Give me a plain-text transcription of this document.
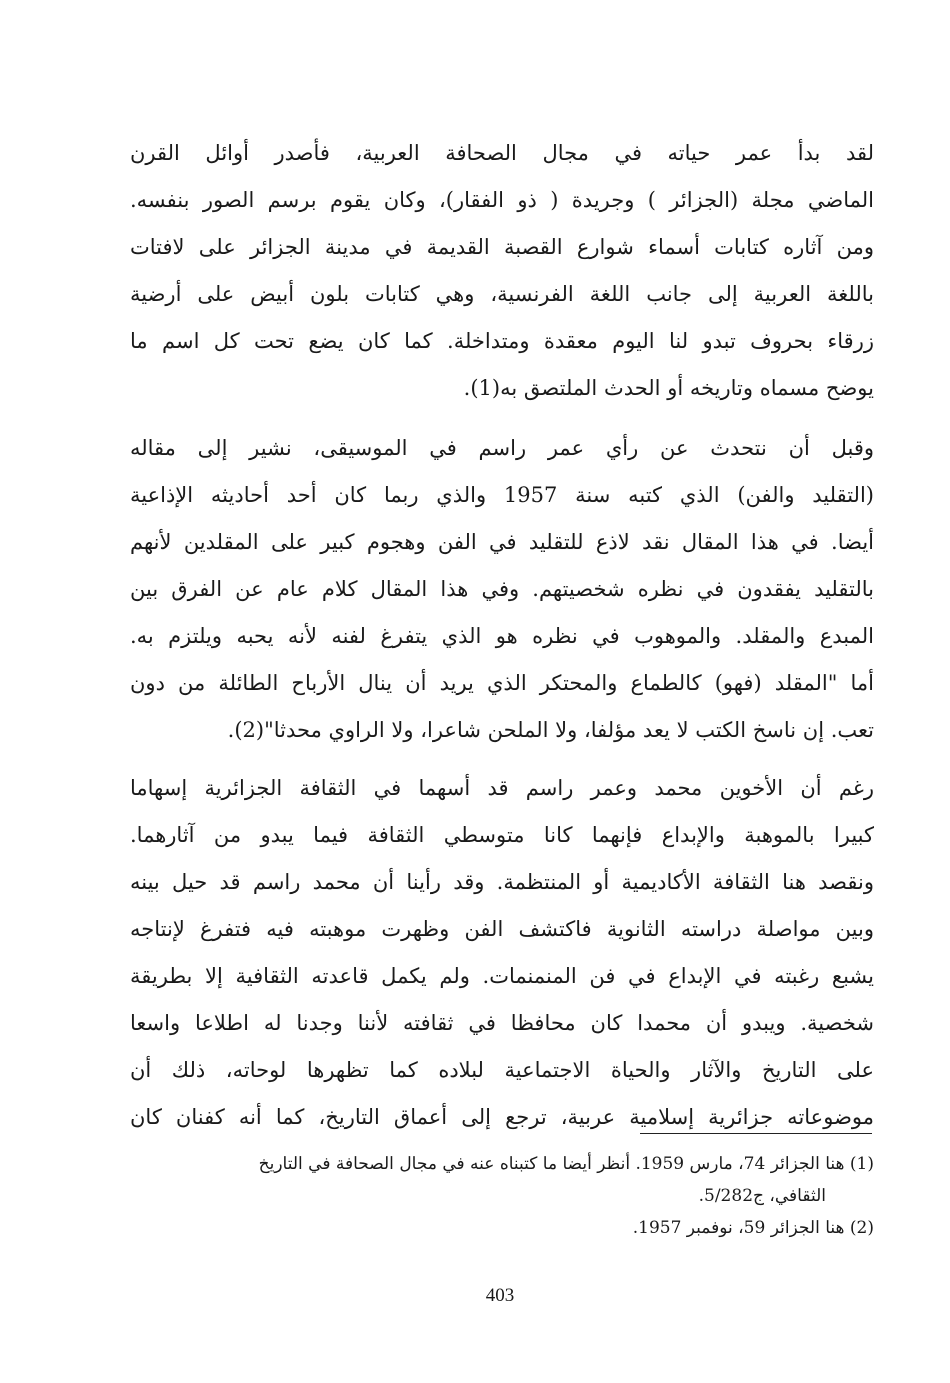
لقد بدأ عمر حياته في مجال الصحافة العربية، فأصدر أوائل القرن
الماضي مجلة (الجزائر ) وجريدة ( ذو الفقار)، وكان يقوم برسم الصور بنفسه.
ومن آثاره كتابات أسماء شوارع القصبة القديمة في مدينة الجزائر على لافتات
باللغة العربية إلى جانب اللغة الفرنسية، وهي كتابات بلون أبيض على أرضية
زرقاء بحروف تبدو لنا اليوم معقدة ومتداخلة. كما كان يضع تحت كل اسم ما
يوضح مسماه وتاريخه أو الحدث الملتصق به(1).
وقبل أن نتحدث عن رأي عمر راسم في الموسيقى، نشير إلى مقاله
(التقليد والفن) الذي كتبه سنة 1957 والذي ربما كان أحد أحاديثه الإذاعية
أيضا. في هذا المقال نقد لاذع للتقليد في الفن وهجوم كبير على المقلدين لأنهم
بالتقليد يفقدون في نظره شخصيتهم. وفي هذا المقال كلام عام عن الفرق بين
المبدع والمقلد. والموهوب في نظره هو الذي يتفرغ لفنه لأنه يحبه ويلتزم به.
أما "المقلد (فهو) كالطماع والمحتكر الذي يريد أن ينال الأرباح الطائلة من دون
تعب. إن ناسخ الكتب لا يعد مؤلفا، ولا الملحن شاعرا، ولا الراوي محدثا"(2).
رغم أن الأخوين محمد وعمر راسم قد أسهما في الثقافة الجزائرية إسهاما
كبيرا بالموهبة والإبداع فإنهما كانا متوسطي الثقافة فيما يبدو من آثارهما.
ونقصد هنا الثقافة الأكاديمية أو المنتظمة. وقد رأينا أن محمد راسم قد حيل بينه
وبين مواصلة دراسته الثانوية فاكتشف الفن وظهرت موهبته فيه فتفرغ لإنتاجه
يشبع رغبته في الإبداع في فن المنمنمات. ولم يكمل قاعدته الثقافية إلا بطريقة
شخصية. ويبدو أن محمدا كان محافظا في ثقافته لأننا وجدنا له اطلاعا واسعا
على التاريخ والآثار والحياة الاجتماعية لبلاده كما تظهرها لوحاته، ذلك أن
موضوعاته جزائرية إسلامية عربية، ترجع إلى أعماق التاريخ، كما أنه كفنان كان
(1) هنا الجزائر 74، مارس 1959. أنظر أيضا ما كتبناه عنه في مجال الصحافة في التاريخ
الثقافي، ج5/282.
(2) هنا الجزائر 59، نوفمبر 1957.
403
